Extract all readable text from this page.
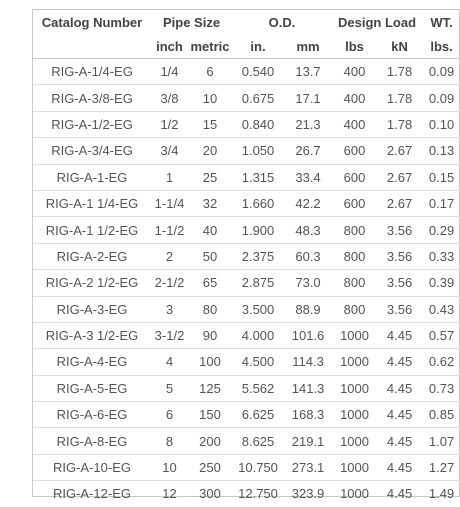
Catalog Number	Pipe Size		O.D.		Design Load		WT.
	inch	metric	in.	mm	lbs	kN	lbs.
RIG-A-1/4-EG	1/4	6	0.540	13.7	400	1.78	0.09
RIG-A-3/8-EG	3/8	10	0.675	17.1	400	1.78	0.09
RIG-A-1/2-EG	1/2	15	0.840	21.3	400	1.78	0.10
RIG-A-3/4-EG	3/4	20	1.050	26.7	600	2.67	0.13
RIG-A-1-EG	1	25	1.315	33.4	600	2.67	0.15
RIG-A-1 1/4-EG	1-1/4	32	1.660	42.2	600	2.67	0.17
RIG-A-1 1/2-EG	1-1/2	40	1.900	48.3	800	3.56	0.29
RIG-A-2-EG	2	50	2.375	60.3	800	3.56	0.33
RIG-A-2 1/2-EG	2-1/2	65	2.875	73.0	800	3.56	0.39
RIG-A-3-EG	3	80	3.500	88.9	800	3.56	0.43
RIG-A-3 1/2-EG	3-1/2	90	4.000	101.6	1000	4.45	0.57
RIG-A-4-EG	4	100	4.500	114.3	1000	4.45	0.62
RIG-A-5-EG	5	125	5.562	141.3	1000	4.45	0.73
RIG-A-6-EG	6	150	6.625	168.3	1000	4.45	0.85
RIG-A-8-EG	8	200	8.625	219.1	1000	4.45	1.07
RIG-A-10-EG	10	250	10.750	273.1	1000	4.45	1.27
RIG-A-12-EG	12	300	12.750	323.9	1000	4.45	1.49
